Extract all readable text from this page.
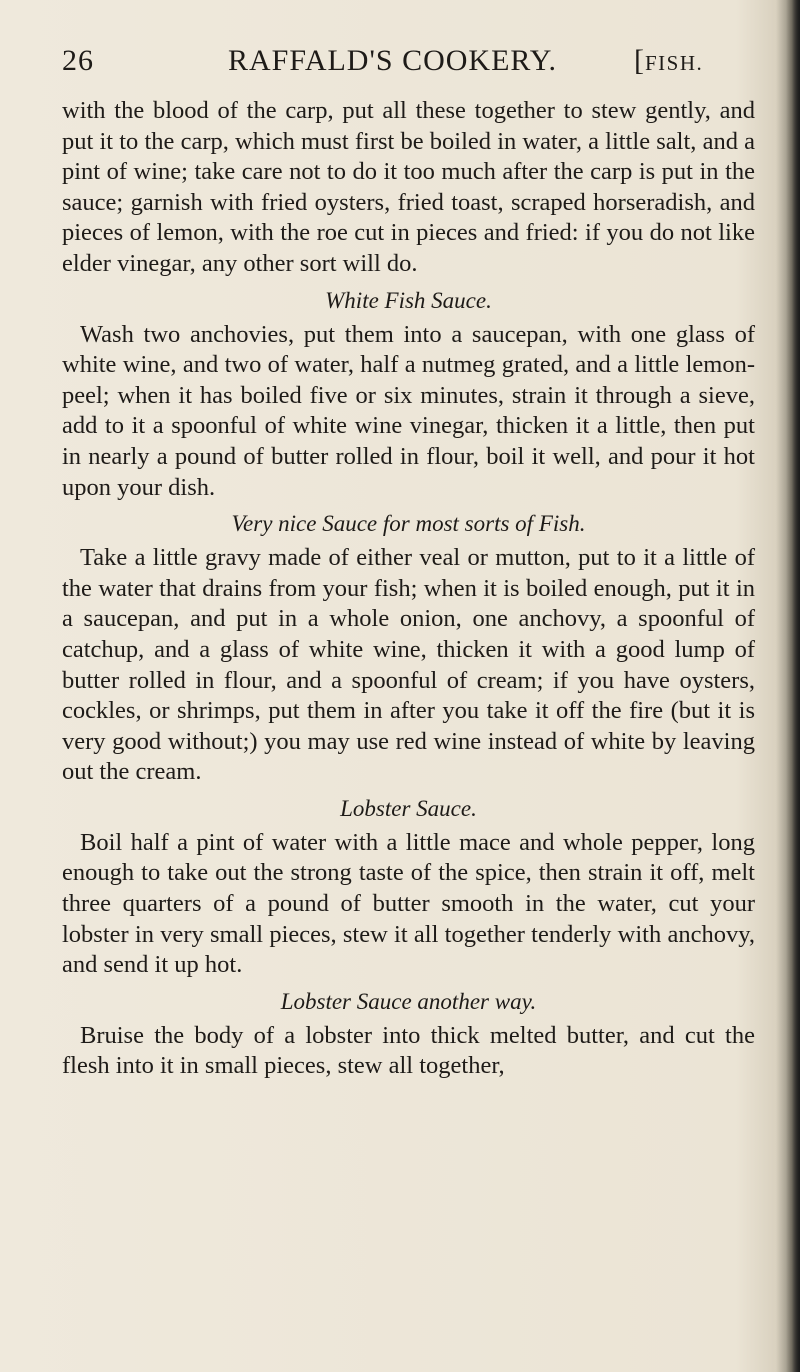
26	RAFFALD'S COOKERY.	[FISH.

with the blood of the carp, put all these together to stew gently, and put it to the carp, which must first be boiled in water, a little salt, and a pint of wine; take care not to do it too much after the carp is put in the sauce; garnish with fried oysters, fried toast, scraped horseradish, and pieces of lemon, with the roe cut in pieces and fried: if you do not like elder vinegar, any other sort will do.

White Fish Sauce.

Wash two anchovies, put them into a saucepan, with one glass of white wine, and two of water, half a nutmeg grated, and a little lemon-peel; when it has boiled five or six minutes, strain it through a sieve, add to it a spoonful of white wine vinegar, thicken it a little, then put in nearly a pound of butter rolled in flour, boil it well, and pour it hot upon your dish.

Very nice Sauce for most sorts of Fish.

Take a little gravy made of either veal or mutton, put to it a little of the water that drains from your fish; when it is boiled enough, put it in a saucepan, and put in a whole onion, one anchovy, a spoonful of catchup, and a glass of white wine, thicken it with a good lump of butter rolled in flour, and a spoonful of cream; if you have oysters, cockles, or shrimps, put them in after you take it off the fire (but it is very good without;) you may use red wine instead of white by leaving out the cream.

Lobster Sauce.

Boil half a pint of water with a little mace and whole pepper, long enough to take out the strong taste of the spice, then strain it off, melt three quarters of a pound of butter smooth in the water, cut your lobster in very small pieces, stew it all together tenderly with anchovy, and send it up hot.

Lobster Sauce another way.

Bruise the body of a lobster into thick melted butter, and cut the flesh into it in small pieces, stew all together,
